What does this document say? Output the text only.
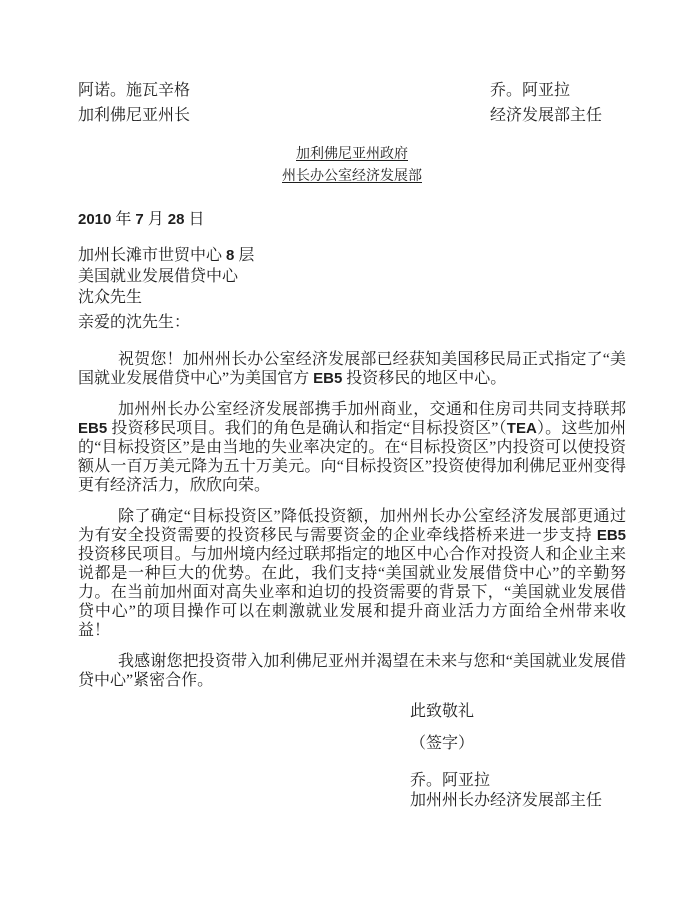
阿诺。施瓦辛格
加利佛尼亚州长
乔。阿亚拉
经济发展部主任
加利佛尼亚州政府
州长办公室经济发展部

2010 年 7 月 28 日

加州长滩市世贸中心 8 层
美国就业发展借贷中心
沈众先生

亲爱的沈先生：

祝贺您！加州州长办公室经济发展部已经获知美国移民局正式指定了“美国就业发展借贷中心”为美国官方 EB5 投资移民的地区中心。

加州州长办公室经济发展部携手加州商业，交通和住房司共同支持联邦 EB5 投资移民项目。我们的角色是确认和指定“目标投资区”（TEA）。这些加州的“目标投资区”是由当地的失业率决定的。在“目标投资区”内投资可以使投资额从一百万美元降为五十万美元。向“目标投资区”投资使得加利佛尼亚州变得更有经济活力，欣欣向荣。

除了确定“目标投资区”降低投资额，加州州长办公室经济发展部更通过为有安全投资需要的投资移民与需要资金的企业牵线搭桥来进一步支持 EB5 投资移民项目。与加州境内经过联邦指定的地区中心合作对投资人和企业主来说都是一种巨大的优势。在此，我们支持“美国就业发展借贷中心”的辛勤努力。在当前加州面对高失业率和迫切的投资需要的背景下，“美国就业发展借贷中心”的项目操作可以在刺激就业发展和提升商业活力方面给全州带来收益！

我感谢您把投资带入加利佛尼亚州并渴望在未来与您和“美国就业发展借贷中心”紧密合作。

此致敬礼

（签字）

乔。阿亚拉
加州州长办经济发展部主任
